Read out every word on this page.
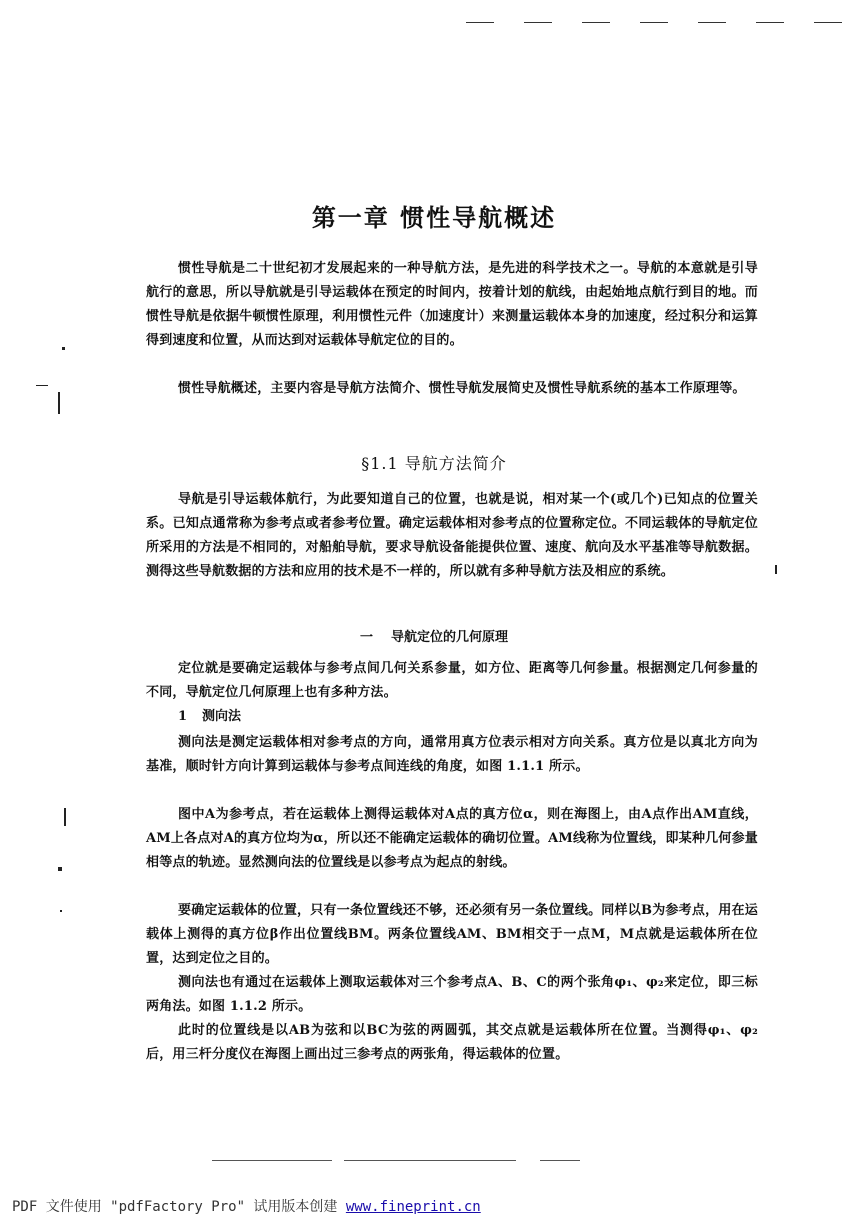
第一章 惯性导航概述

惯性导航是二十世纪初才发展起来的一种导航方法，是先进的科学技术之一。导航的本意就是引导航行的意思，所以导航就是引导运载体在预定的时间内，按着计划的航线，由起始地点航行到目的地。而惯性导航是依据牛顿惯性原理，利用惯性元件（加速度计）来测量运载体本身的加速度，经过积分和运算得到速度和位置，从而达到对运载体导航定位的目的。

惯性导航概述，主要内容是导航方法简介、惯性导航发展简史及惯性导航系统的基本工作原理等。

§1.1 导航方法简介

导航是引导运载体航行，为此要知道自己的位置，也就是说，相对某一个(或几个)已知点的位置关系。已知点通常称为参考点或者参考位置。确定运载体相对参考点的位置称定位。不同运载体的导航定位所采用的方法是不相同的，对船舶导航，要求导航设备能提供位置、速度、航向及水平基准等导航数据。测得这些导航数据的方法和应用的技术是不一样的，所以就有多种导航方法及相应的系统。

一 导航定位的几何原理

定位就是要确定运载体与参考点间几何关系参量，如方位、距离等几何参量。根据测定几何参量的不同，导航定位几何原理上也有多种方法。

1 测向法

测向法是测定运载体相对参考点的方向，通常用真方位表示相对方向关系。真方位是以真北方向为基准，顺时针方向计算到运载体与参考点间连线的角度，如图 1.1.1 所示。

图中A为参考点，若在运载体上测得运载体对A点的真方位α，则在海图上，由A点作出AM直线，AM上各点对A的真方位均为α，所以还不能确定运载体的确切位置。AM线称为位置线，即某种几何参量相等点的轨迹。显然测向法的位置线是以参考点为起点的射线。

要确定运载体的位置，只有一条位置线还不够，还必须有另一条位置线。同样以B为参考点，用在运载体上测得的真方位β作出位置线BM。两条位置线AM、BM相交于一点M，M点就是运载体所在位置，达到定位之目的。

测向法也有通过在运载体上测取运载体对三个参考点A、B、C的两个张角φ₁、φ₂来定位，即三标两角法。如图 1.1.2 所示。

此时的位置线是以AB为弦和以BC为弦的两圆弧，其交点就是运载体所在位置。当测得φ₁、φ₂后，用三杆分度仪在海图上画出过三参考点的两张角，得运载体的位置。

PDF 文件使用 "pdfFactory Pro" 试用版本创建 www.fineprint.cn
